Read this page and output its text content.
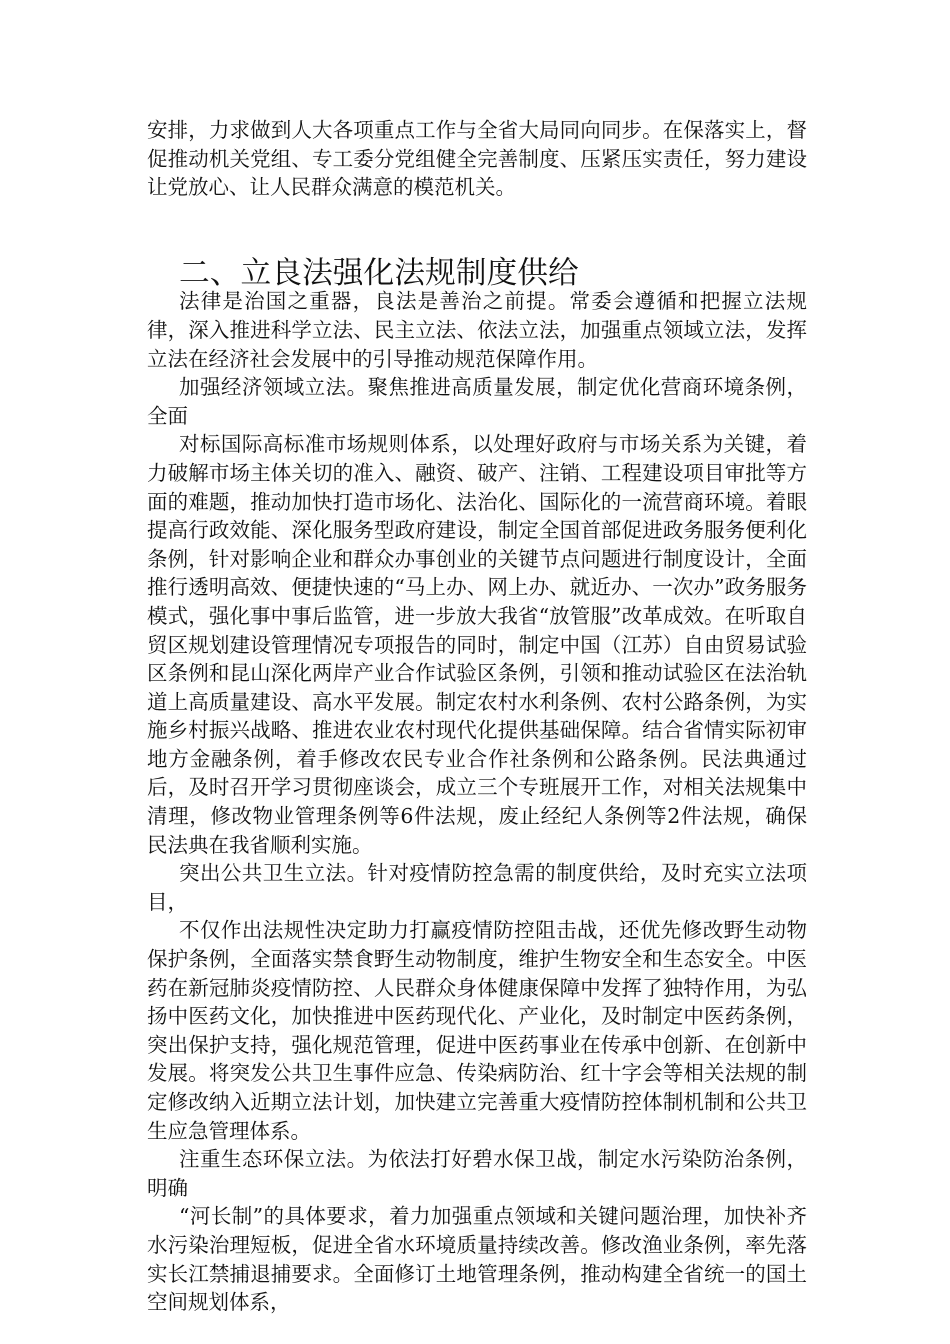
安排，力求做到人大各项重点工作与全省大局同向同步。在保落实上，督促推动机关党组、专工委分党组健全完善制度、压紧压实责任，努力建设让党放心、让人民群众满意的模范机关。

二、立良法强化法规制度供给

法律是治国之重器，良法是善治之前提。常委会遵循和把握立法规律，深入推进科学立法、民主立法、依法立法，加强重点领域立法，发挥立法在经济社会发展中的引导推动规范保障作用。

加强经济领域立法。聚焦推进高质量发展，制定优化营商环境条例，全面

对标国际高标准市场规则体系，以处理好政府与市场关系为关键，着力破解市场主体关切的准入、融资、破产、注销、工程建设项目审批等方面的难题，推动加快打造市场化、法治化、国际化的一流营商环境。着眼提高行政效能、深化服务型政府建设，制定全国首部促进政务服务便利化条例，针对影响企业和群众办事创业的关键节点问题进行制度设计，全面推行透明高效、便捷快速的“马上办、网上办、就近办、一次办”政务服务模式，强化事中事后监管，进一步放大我省“放管服”改革成效。在听取自贸区规划建设管理情况专项报告的同时，制定中国（江苏）自由贸易试验区条例和昆山深化两岸产业合作试验区条例，引领和推动试验区在法治轨道上高质量建设、高水平发展。制定农村水利条例、农村公路条例，为实施乡村振兴战略、推进农业农村现代化提供基础保障。结合省情实际初审地方金融条例，着手修改农民专业合作社条例和公路条例。民法典通过后，及时召开学习贯彻座谈会，成立三个专班展开工作，对相关法规集中清理，修改物业管理条例等6件法规，废止经纪人条例等2件法规，确保民法典在我省顺利实施。

突出公共卫生立法。针对疫情防控急需的制度供给，及时充实立法项目，

不仅作出法规性决定助力打赢疫情防控阻击战，还优先修改野生动物保护条例，全面落实禁食野生动物制度，维护生物安全和生态安全。中医药在新冠肺炎疫情防控、人民群众身体健康保障中发挥了独特作用，为弘扬中医药文化，加快推进中医药现代化、产业化，及时制定中医药条例，突出保护支持，强化规范管理，促进中医药事业在传承中创新、在创新中发展。将突发公共卫生事件应急、传染病防治、红十字会等相关法规的制定修改纳入近期立法计划，加快建立完善重大疫情防控体制机制和公共卫生应急管理体系。

注重生态环保立法。为依法打好碧水保卫战，制定水污染防治条例，明确

“河长制”的具体要求，着力加强重点领域和关键问题治理，加快补齐水污染治理短板，促进全省水环境质量持续改善。修改渔业条例，率先落实长江禁捕退捕要求。全面修订土地管理条例，推动构建全省统一的国土空间规划体系，
